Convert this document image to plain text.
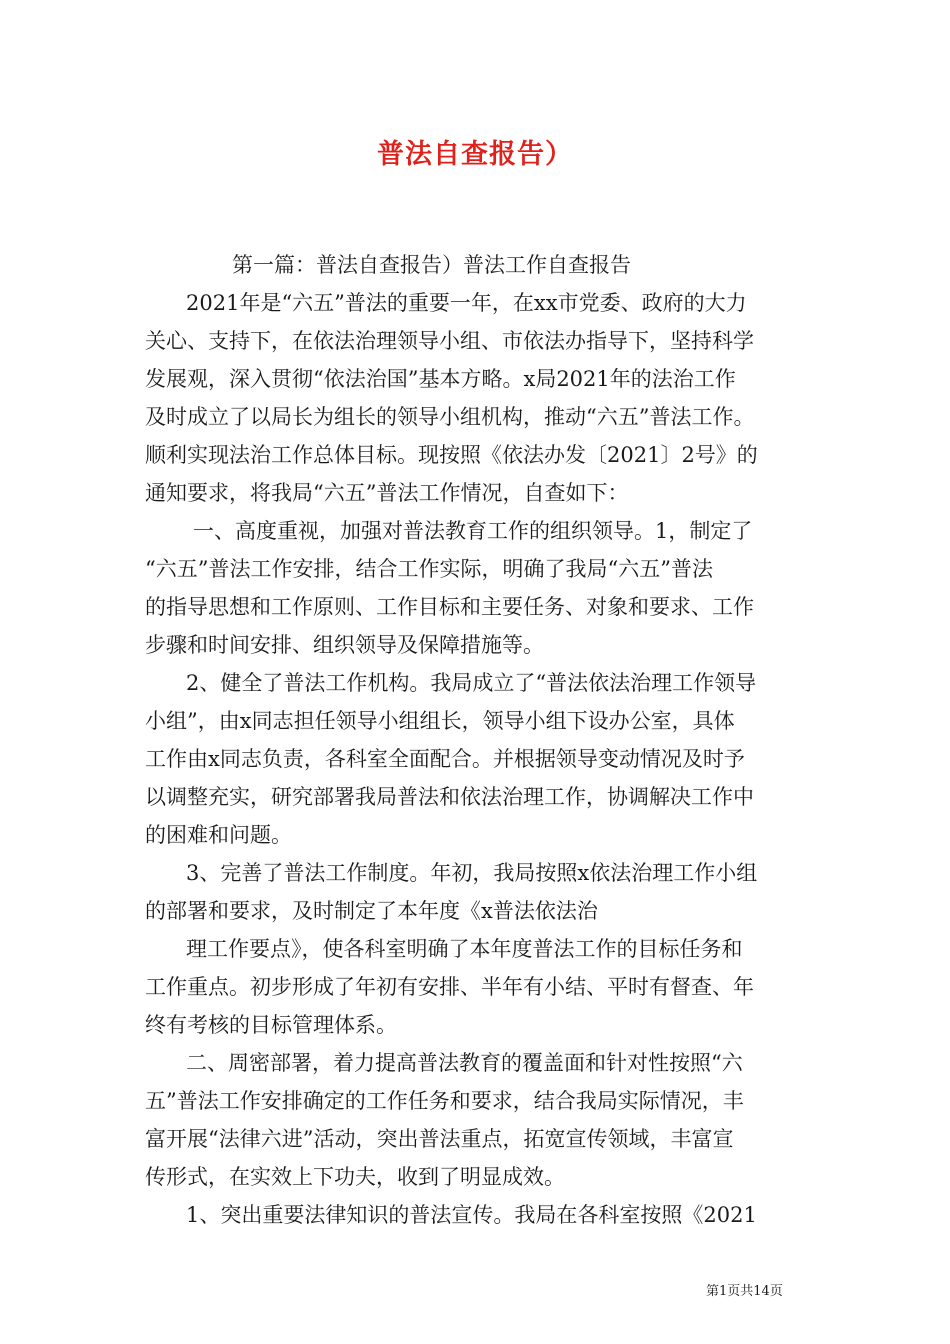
普法自查报告）
第一篇：普法自查报告）普法工作自查报告
2021年是“六五”普法的重要一年，在xx市党委、政府的大力
关心、支持下，在依法治理领导小组、市依法办指导下，坚持科学
发展观，深入贯彻“依法治国”基本方略。x局2021年的法治工作
及时成立了以局长为组长的领导小组机构，推动“六五”普法工作。
顺利实现法治工作总体目标。现按照《依法办发〔2021〕2号》的
通知要求，将我局“六五”普法工作情况，自查如下：
一、高度重视，加强对普法教育工作的组织领导。1，制定了
“六五”普法工作安排，结合工作实际，明确了我局“六五”普法
的指导思想和工作原则、工作目标和主要任务、对象和要求、工作
步骤和时间安排、组织领导及保障措施等。
2、健全了普法工作机构。我局成立了“普法依法治理工作领导
小组”，由x同志担任领导小组组长，领导小组下设办公室，具体
工作由x同志负责，各科室全面配合。并根据领导变动情况及时予
以调整充实，研究部署我局普法和依法治理工作，协调解决工作中
的困难和问题。
3、完善了普法工作制度。年初，我局按照x依法治理工作小组
的部署和要求，及时制定了本年度《x普法依法治
理工作要点》，使各科室明确了本年度普法工作的目标任务和
工作重点。初步形成了年初有安排、半年有小结、平时有督查、年
终有考核的目标管理体系。
二、周密部署，着力提高普法教育的覆盖面和针对性按照“六
五”普法工作安排确定的工作任务和要求，结合我局实际情况，丰
富开展“法律六进”活动，突出普法重点，拓宽宣传领域，丰富宣
传形式，在实效上下功夫，收到了明显成效。
1、突出重要法律知识的普法宣传。我局在各科室按照《2021
第1页共14页
